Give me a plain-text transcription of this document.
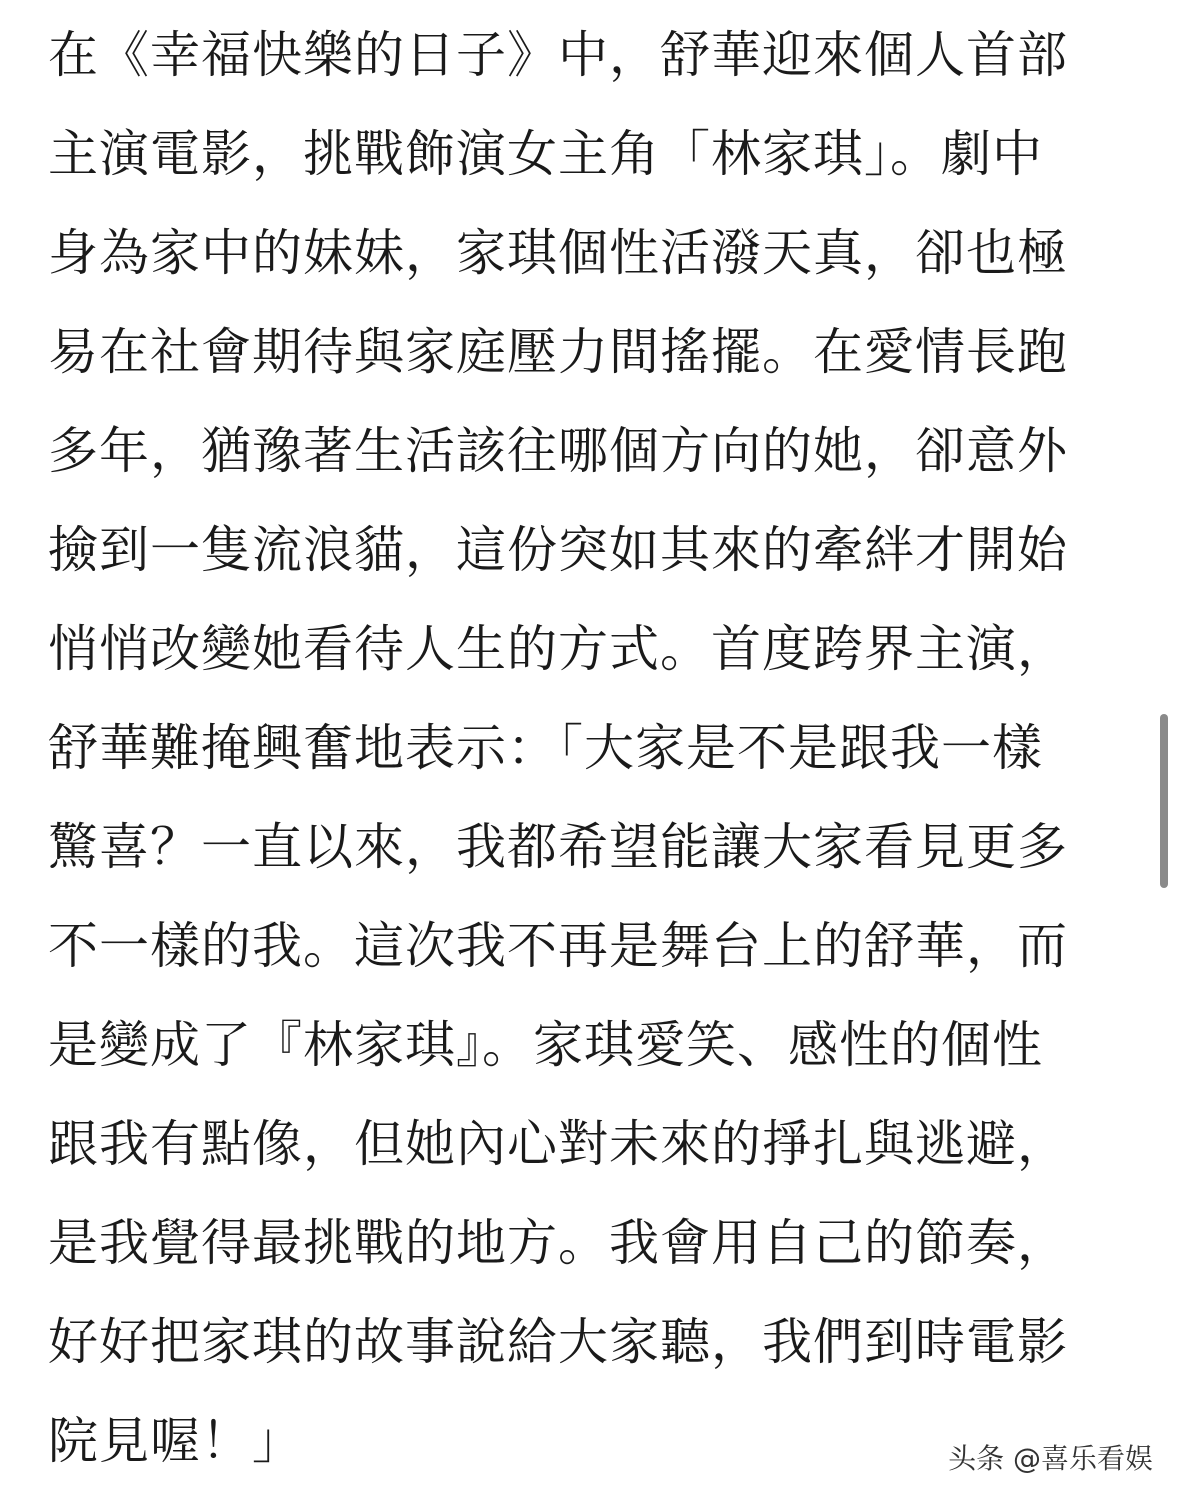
在《幸福快樂的日子》中，舒華迎來個人首部
主演電影，挑戰飾演女主角「林家琪」。劇中
身為家中的妹妹，家琪個性活潑天真，卻也極
易在社會期待與家庭壓力間搖擺。在愛情長跑
多年，猶豫著生活該往哪個方向的她，卻意外
撿到一隻流浪貓，這份突如其來的牽絆才開始
悄悄改變她看待人生的方式。首度跨界主演，
舒華難掩興奮地表示：「大家是不是跟我一樣
驚喜？一直以來，我都希望能讓大家看見更多
不一樣的我。這次我不再是舞台上的舒華，而
是變成了『林家琪』。家琪愛笑、感性的個性
跟我有點像，但她內心對未來的掙扎與逃避，
是我覺得最挑戰的地方。我會用自己的節奏，
好好把家琪的故事說給大家聽，我們到時電影
院見喔！」	头条 @喜乐看娱
